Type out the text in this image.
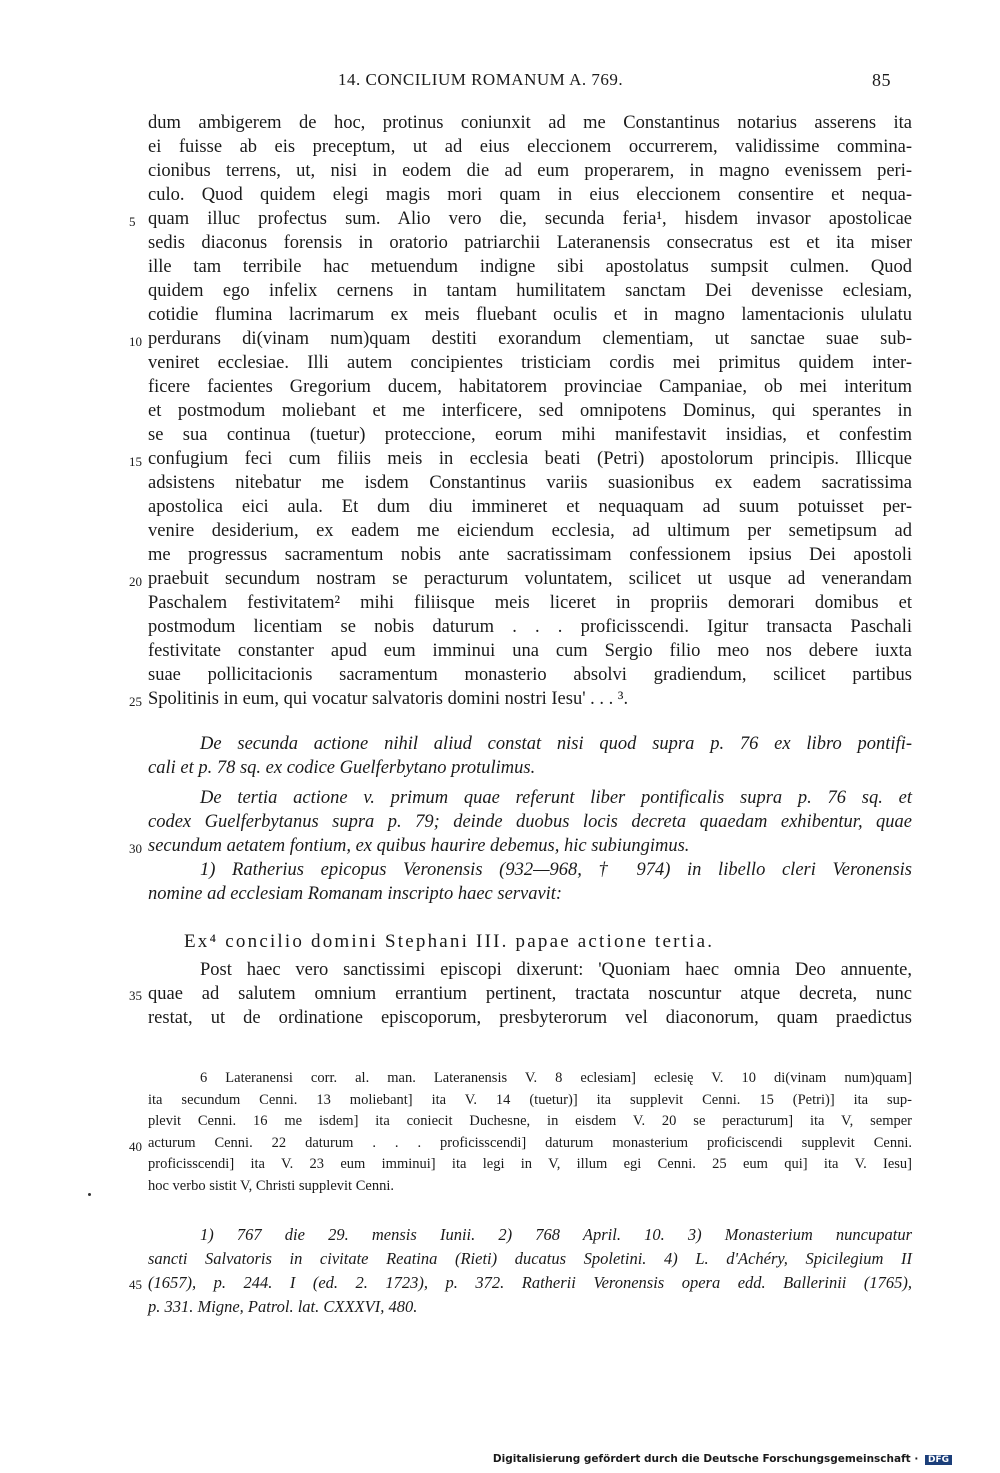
14. CONCILIUM ROMANUM A. 769.	85
dum ambigerem de hoc, protinus coniunxit ad me Constantinus notarius asserens ita
ei fuisse ab eis preceptum, ut ad eius eleccionem occurrerem, validissime commina-
cionibus terrens, ut, nisi in eodem die ad eum properarem, in magno evenissem peri-
culo. Quod quidem elegi magis mori quam in eius eleccionem consentire et nequa-
quam illuc profectus sum. Alio vero die, secunda feria¹, hisdem invasor apostolicae
5
sedis diaconus forensis in oratorio patriarchii Lateranensis consecratus est et ita miser
ille tam terribile hac metuendum indigne sibi apostolatus sumpsit culmen. Quod
quidem ego infelix cernens in tantam humilitatem sanctam Dei devenisse eclesiam,
cotidie flumina lacrimarum ex meis fluebant oculis et in magno lamentacionis ululatu
perdurans di(vinam num)quam destiti exorandum clementiam, ut sanctae suae sub-
10
veniret ecclesiae. Illi autem concipientes tristiciam cordis mei primitus quidem inter-
ficere facientes Gregorium ducem, habitatorem provinciae Campaniae, ob mei interitum
et postmodum moliebant et me interficere, sed omnipotens Dominus, qui sperantes in
se sua continua (tuetur) proteccione, eorum mihi manifestavit insidias, et confestim
confugium feci cum filiis meis in ecclesia beati (Petri) apostolorum principis. Illicque
15
adsistens nitebatur me isdem Constantinus variis suasionibus ex eadem sacratissima
apostolica eici aula. Et dum diu immineret et nequaquam ad suum potuisset per-
venire desiderium, ex eadem me eiciendum ecclesia, ad ultimum per semetipsum ad
me progressus sacramentum nobis ante sacratissimam confessionem ipsius Dei apostoli
praebuit secundum nostram se peracturum voluntatem, scilicet ut usque ad venerandam
20
Paschalem festivitatem² mihi filiisque meis liceret in propriis demorari domibus et
postmodum licentiam se nobis daturum . . . proficisscendi. Igitur transacta Paschali
festivitate constanter apud eum imminui una cum Sergio filio meo nos debere iuxta
suae pollicitacionis sacramentum monasterio absolvi gradiendum, scilicet partibus
Spolitinis in eum, qui vocatur salvatoris domini nostri Iesu' . . . ³.
25
De secunda actione nihil aliud constat nisi quod supra p. 76 ex libro pontifi-
cali et p. 78 sq. ex codice Guelferbytano protulimus.
De tertia actione v. primum quae referunt liber pontificalis supra p. 76 sq. et
codex Guelferbytanus supra p. 79; deinde duobus locis decreta quaedam exhibentur, quae
secundum aetatem fontium, ex quibus haurire debemus, hic subiungimus.
30
1) Ratherius epicopus Veronensis (932—968, † 974) in libello cleri Veronensis
nomine ad ecclesiam Romanam inscripto haec servavit:
Ex⁴ concilio domini Stephani III. papae actione tertia.
Post haec vero sanctissimi episcopi dixerunt: 'Quoniam haec omnia Deo annuente,
quae ad salutem omnium errantium pertinent, tractata noscuntur atque decreta, nunc
35
restat, ut de ordinatione episcoporum, presbyterorum vel diaconorum, quam praedictus
6 Lateranensi corr. al. man. Lateranensis V. 8 eclesiam] eclesię V. 10 di(vinam num)quam]
ita secundum Cenni. 13 moliebant] ita V. 14 (tuetur)] ita supplevit Cenni. 15 (Petri)] ita sup-
plevit Cenni. 16 me isdem] ita coniecit Duchesne, in eisdem V. 20 se peracturum] ita V, semper
acturum Cenni. 22 daturum . . . proficisscendi] daturum monasterium proficiscendi supplevit Cenni.
40
proficisscendi] ita V. 23 eum imminui] ita legi in V, illum egi Cenni. 25 eum qui] ita V. Iesu]
hoc verbo sistit V, Christi supplevit Cenni.
1) 767 die 29. mensis Iunii. 2) 768 April. 10. 3) Monasterium nuncupatur
sancti Salvatoris in civitate Reatina (Rieti) ducatus Spoletini. 4) L. d'Achéry, Spicilegium II
(1657), p. 244. I (ed. 2. 1723), p. 372. Ratherii Veronensis opera edd. Ballerinii (1765),
45
p. 331. Migne, Patrol. lat. CXXXVI, 480.
Digitalisierung gefördert durch die Deutsche Forschungsgemeinschaft · DFG
